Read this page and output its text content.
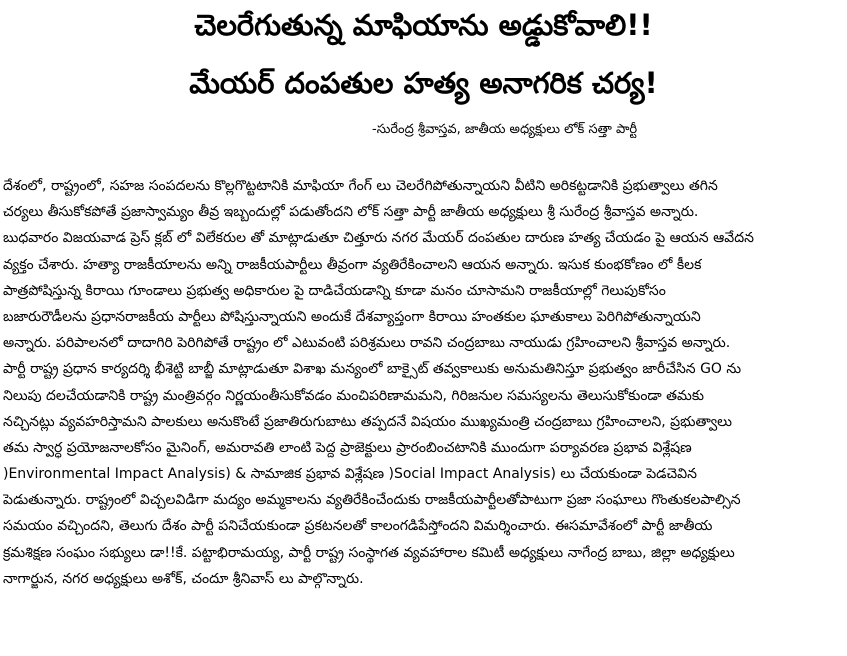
చెలరేగుతున్న మాఫియాను అడ్డుకోవాలి!!
మేయర్ దంపతుల హత్య అనాగరిక చర్య!
-సురేంద్ర శ్రీవాస్తవ, జాతీయ అధ్యక్షులు లోక్ సత్తా పార్టీ
దేశంలో, రాష్ట్రంలో, సహజ సంపదలను కొల్లగొట్టటానికి మాఫియా గేంగ్ లు చెలరేగిపోతున్నాయని వీటిని అరికట్టడానికి ప్రభుత్వాలు తగిన
చర్యలు తీసుకోకపోతే ప్రజాస్వామ్యం తీవ్ర ఇబ్బందుల్లో పడుతోందని లోక్ సత్తా పార్టీ జాతీయ అధ్యక్షులు శ్రీ సురేంద్ర శ్రీవాస్తవ అన్నారు.
బుధవారం విజయవాడ ప్రెస్ క్లబ్ లో విలేకరుల తో మాట్లాడుతూ చిత్తూరు నగర మేయర్ దంపతుల దారుణ హత్య చేయడం పై ఆయన ఆవేదన
వ్యక్తం చేశారు. హత్యా రాజకీయాలను అన్ని రాజకీయపార్టీలు తీవ్రంగా వ్యతిరేకించాలని ఆయన అన్నారు. ఇసుక కుంభకోణం లో కీలక
పాత్రపోషిస్తున్న కిరాయి గూండాలు ప్రభుత్వ అధికారుల పై దాడిచేయడాన్ని కూడా మనం చూసామని రాజకీయాల్లో గెలుపుకోసం
బజారురౌడీలను ప్రధానరాజకీయ పార్టీలు పోషిస్తున్నాయని అందుకే దేశవ్యాప్తంగా కిరాయి హంతకుల ఘాతుకాలు పెరిగిపోతున్నాయని
అన్నారు. పరిపాలనలో దాదాగిరి పెరిగిపోతే రాష్ట్రం లో ఎటువంటి పరిశ్రమలు రావని చంద్రబాబు నాయుడు గ్రహించాలని శ్రీవాస్తవ అన్నారు.
పార్టీ రాష్ట్ర ప్రధాన కార్యదర్శి భీశెట్టి బాబ్జీ మాట్లాడుతూ విశాఖ మన్యంలో బాక్సైట్ తవ్వకాలుకు అనుమతినిస్తూ ప్రభుత్వం జారీచేసిన GO ను
నిలుపు దలచేయడానికి రాష్ట్ర మంత్రివర్గం నిర్ణయంతీసుకోవడం మంచిపరిణామమని, గిరిజనుల సమస్యలను తెలుసుకోకుండా తమకు
నచ్చినట్లు వ్యవహరిస్తామని పాలకులు అనుకొంటే ప్రజాతిరుగుబాటు తప్పదనే విషయం ముఖ్యమంత్రి చంద్రబాబు గ్రహించాలని, ప్రభుత్వాలు
తమ స్వార్ధ ప్రయోజనాలకోసం మైనింగ్, అమరావతి లాంటి పెద్ద ప్రాజెక్టులు ప్రారంబించటానికి ముందుగా పర్యావరణ ప్రభావ విశ్లేషణ
)Environmental Impact Analysis) & సామాజిక ప్రభావ విశ్లేషణ )Social Impact Analysis) లు చేయకుండా పెడచెవిన
పెడుతున్నారు. రాష్ట్రంలో విచ్చలవిడిగా మద్యం అమ్మకాలను వ్యతిరేకించేందుకు రాజకీయపార్టీలతోపాటుగా ప్రజా సంఘాలు గొంతుకలపాల్సిన
సమయం వచ్చిందని, తెలుగు దేశం పార్టీ పనిచేయకుండా ప్రకటనలతో కాలంగడిపేస్తోందని విమర్శించారు. ఈసమావేశంలో పార్టీ జాతీయ
క్రమశిక్షణ సంఘం సభ్యులు డా!!కే. పట్టాభిరామయ్య, పార్టీ రాష్ట్ర సంస్థాగత వ్యవహారాల కమిటీ అధ్యక్షులు నాగేంద్ర బాబు, జిల్లా అధ్యక్షులు
నాగార్జున, నగర అధ్యక్షులు అశోక్, చందూ శ్రీనివాస్ లు పాల్గొన్నారు.
